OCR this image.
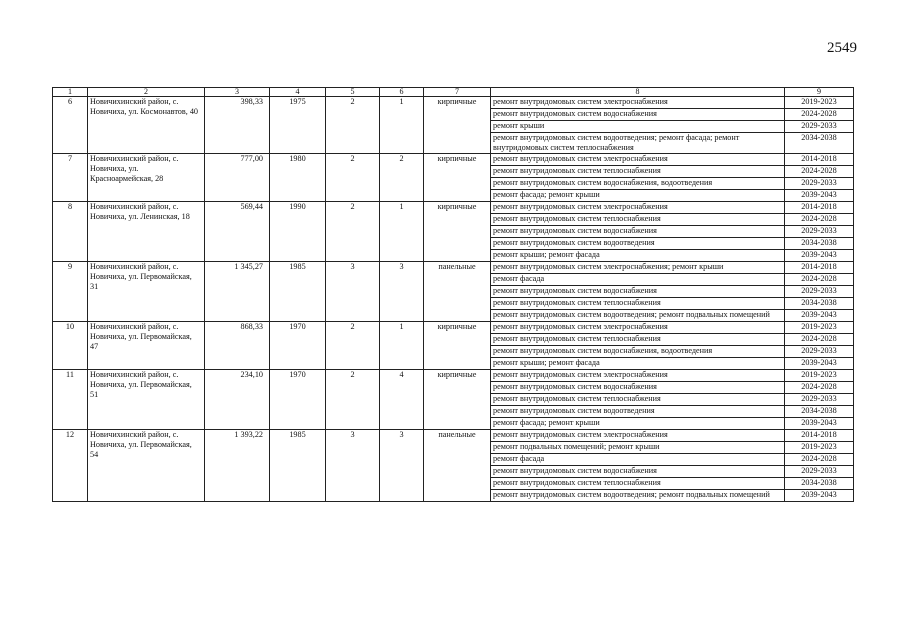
2549
1	2	3	4	5	6	7	8	9
6	Новичихинский район, с. Новичиха, ул. Космонавтов, 40	398,33	1975	2	1	кирпичные	ремонт внутридомовых систем электроснабжения	2019-2023
							ремонт внутридомовых систем водоснабжения	2024-2028
							ремонт крыши	2029-2033
							ремонт внутридомовых систем водоотведения; ремонт фасада; ремонт внутридомовых систем теплоснабжения	2034-2038
7	Новичихинский район, с. Новичиха, ул. Красноармейская, 28	777,00	1980	2	2	кирпичные	ремонт внутридомовых систем электроснабжения	2014-2018
							ремонт внутридомовых систем теплоснабжения	2024-2028
							ремонт внутридомовых систем водоснабжения, водоотведения	2029-2033
							ремонт фасада; ремонт крыши	2039-2043
8	Новичихинский район, с. Новичиха, ул. Ленинская, 18	569,44	1990	2	1	кирпичные	ремонт внутридомовых систем электроснабжения	2014-2018
							ремонт внутридомовых систем теплоснабжения	2024-2028
							ремонт внутридомовых систем водоснабжения	2029-2033
							ремонт внутридомовых систем водоотведения	2034-2038
							ремонт крыши; ремонт фасада	2039-2043
9	Новичихинский район, с. Новичиха, ул. Первомайская, 31	1 345,27	1985	3	3	панельные	ремонт внутридомовых систем электроснабжения; ремонт крыши	2014-2018
							ремонт фасада	2024-2028
							ремонт внутридомовых систем водоснабжения	2029-2033
							ремонт внутридомовых систем теплоснабжения	2034-2038
							ремонт внутридомовых систем водоотведения; ремонт подвальных помещений	2039-2043
10	Новичихинский район, с. Новичиха, ул. Первомайская, 47	868,33	1970	2	1	кирпичные	ремонт внутридомовых систем электроснабжения	2019-2023
							ремонт внутридомовых систем теплоснабжения	2024-2028
							ремонт внутридомовых систем водоснабжения, водоотведения	2029-2033
							ремонт крыши; ремонт фасада	2039-2043
11	Новичихинский район, с. Новичиха, ул. Первомайская, 51	234,10	1970	2	4	кирпичные	ремонт внутридомовых систем электроснабжения	2019-2023
							ремонт внутридомовых систем водоснабжения	2024-2028
							ремонт внутридомовых систем теплоснабжения	2029-2033
							ремонт внутридомовых систем водоотведения	2034-2038
							ремонт фасада; ремонт крыши	2039-2043
12	Новичихинский район, с. Новичиха, ул. Первомайская, 54	1 393,22	1985	3	3	панельные	ремонт внутридомовых систем электроснабжения	2014-2018
							ремонт подвальных помещений; ремонт крыши	2019-2023
							ремонт фасада	2024-2028
							ремонт внутридомовых систем водоснабжения	2029-2033
							ремонт внутридомовых систем теплоснабжения	2034-2038
							ремонт внутридомовых систем водоотведения; ремонт подвальных помещений	2039-2043
